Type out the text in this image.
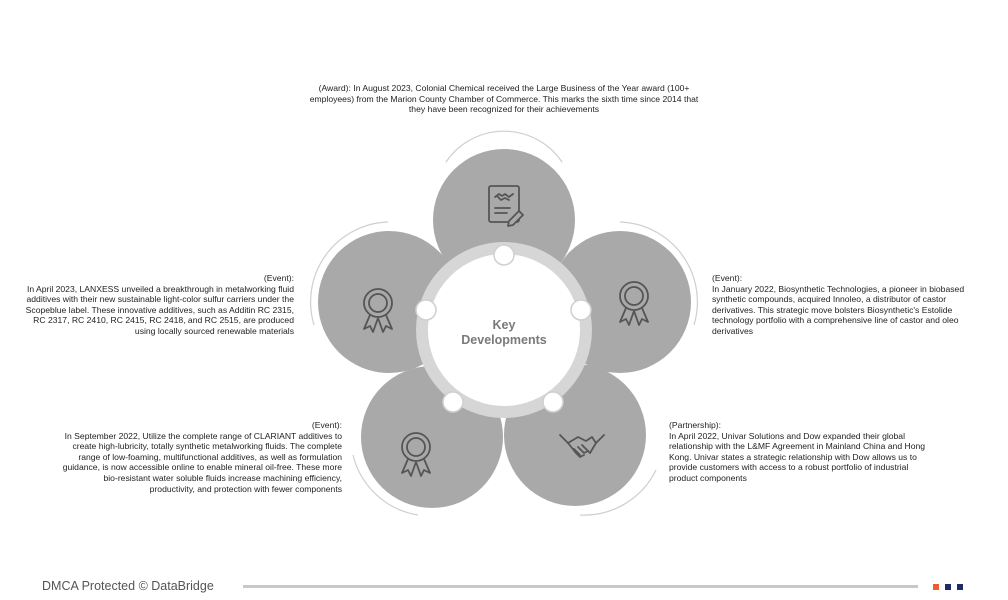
Key
Developments
(Award): In August 2023, Colonial Chemical received the Large Business of the Year award (100+ employees) from the Marion County Chamber of Commerce. This marks the sixth time since 2014 that they have been recognized for their achievements
(Event):
In January 2022, Biosynthetic Technologies, a pioneer in biobased synthetic compounds, acquired Innoleo, a distributor of castor derivatives. This strategic move bolsters Biosynthetic's Estolide technology portfolio with a comprehensive line of castor and oleo derivatives
(Partnership):
In April 2022, Univar Solutions and Dow expanded their global relationship with the L&MF Agreement in Mainland China and Hong Kong. Univar states a strategic relationship with Dow allows us to provide customers with access to a robust portfolio of industrial product components
(Event):
In September 2022, Utilize the complete range of CLARIANT additives to create high-lubricity, totally synthetic metalworking fluids. The complete range of low-foaming, multifunctional additives, as well as formulation guidance, is now accessible online to enable mineral oil-free. These more bio-resistant water soluble fluids increase machining efficiency, productivity, and protection with fewer components
(Event):
In April 2023, LANXESS unveiled a breakthrough in metalworking fluid additives with their new sustainable light-color sulfur carriers under the Scopeblue label. These innovative additives, such as Additin RC 2315, RC 2317, RC 2410, RC 2415, RC 2418, and RC 2515, are produced using locally sourced renewable materials
DMCA Protected © DataBridge
